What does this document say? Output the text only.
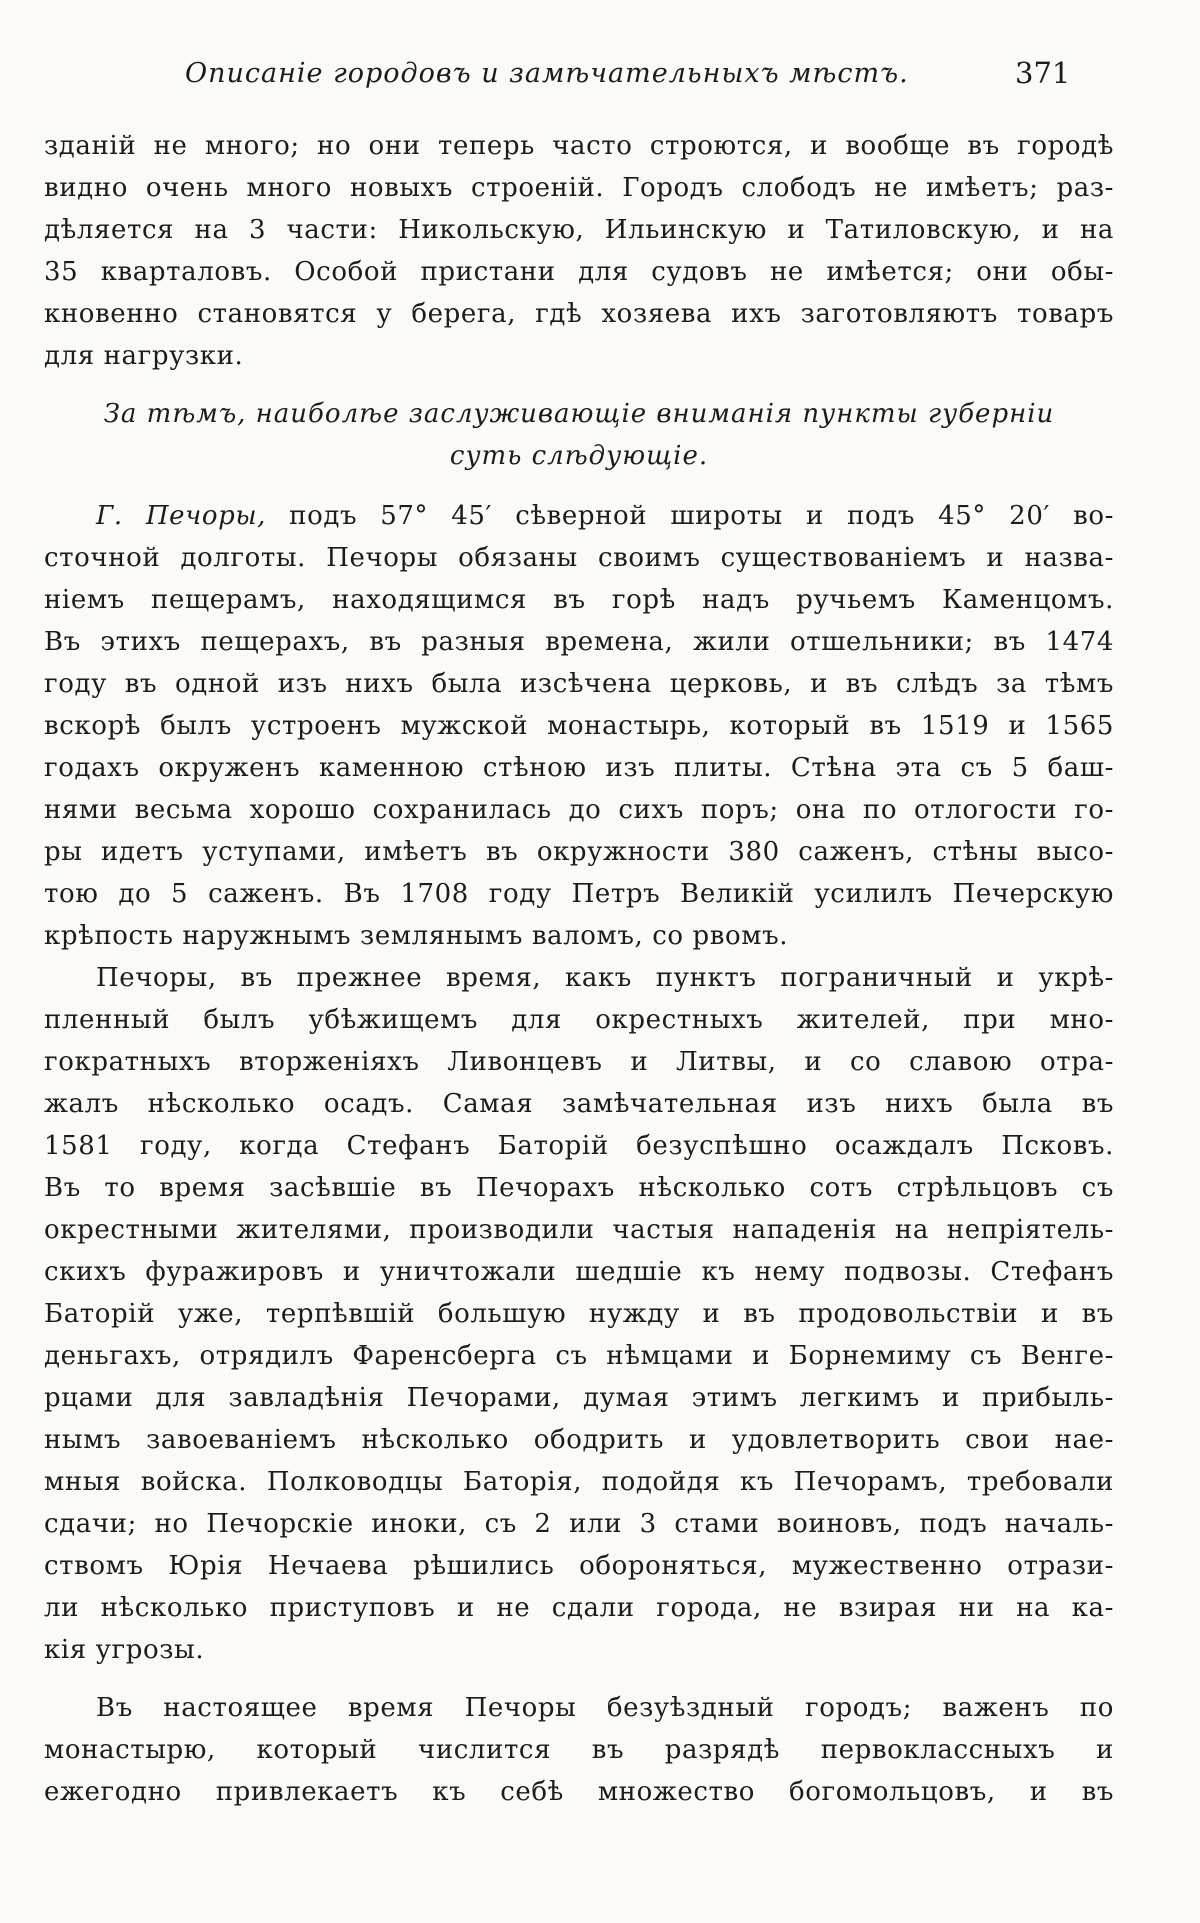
Описанiе городовъ и замѣчательныхъ мѣстъ.	371
зданiй не много; но они теперь часто строются, и вообще въ городѣ
видно очень много новыхъ строенiй. Городъ слободъ не имѣетъ; раз-
дѣляется на 3 части: Никольскую, Ильинскую и Татиловскую, и на
35 кварталовъ. Особой пристани для судовъ не имѣется; они обы-
кновенно становятся у берега, гдѣ хозяева ихъ заготовляютъ товаръ
для нагрузки.
За тѣмъ, наиболѣе заслуживающiе вниманiя пункты губернiи
суть слѣдующiе.
Г. Печоры, подъ 57° 45′ сѣверной широты и подъ 45° 20′ во-
сточной долготы. Печоры обязаны своимъ существованiемъ и назва-
нiемъ пещерамъ, находящимся въ горѣ надъ ручьемъ Каменцомъ.
Въ этихъ пещерахъ, въ разныя времена, жили отшельники; въ 1474
году въ одной изъ нихъ была изсѣчена церковь, и въ слѣдъ за тѣмъ
вскорѣ былъ устроенъ мужской монастырь, который въ 1519 и 1565
годахъ окруженъ каменною стѣною изъ плиты. Стѣна эта съ 5 баш-
нями весьма хорошо сохранилась до сихъ поръ; она по отлогости го-
ры идетъ уступами, имѣетъ въ окружности 380 саженъ, стѣны высо-
тою до 5 саженъ. Въ 1708 году Петръ Великiй усилилъ Печерскую
крѣпость наружнымъ землянымъ валомъ, со рвомъ.
Печоры, въ прежнее время, какъ пунктъ пограничный и укрѣ-
пленный былъ убѣжищемъ для окрестныхъ жителей, при мно-
гократныхъ вторженiяхъ Ливонцевъ и Литвы, и со славою отра-
жалъ нѣсколько осадъ. Самая замѣчательная изъ нихъ была въ
1581 году, когда Стефанъ Баторiй безуспѣшно осаждалъ Псковъ.
Въ то время засѣвшiе въ Печорахъ нѣсколько сотъ стрѣльцовъ съ
окрестными жителями, производили частыя нападенiя на непрiятель-
скихъ фуражировъ и уничтожали шедшiе къ нему подвозы. Стефанъ
Баторiй уже, терпѣвшiй большую нужду и въ продовольствiи и въ
деньгахъ, отрядилъ Фаренсберга съ нѣмцами и Борнемиму съ Венге-
рцами для завладѣнiя Печорами, думая этимъ легкимъ и прибыль-
нымъ завоеванiемъ нѣсколько ободрить и удовлетворить свои нае-
мныя войска. Полководцы Баторiя, подойдя къ Печорамъ, требовали
сдачи; но Печорскiе иноки, съ 2 или 3 стами воиновъ, подъ началь-
ствомъ Юрiя Нечаева рѣшились обороняться, мужественно отрази-
ли нѣсколько приступовъ и не сдали города, не взирая ни на ка-
кiя угрозы.
Въ настоящее время Печоры безуѣздный городъ; важенъ по
монастырю, который числится въ разрядѣ первоклассныхъ и
ежегодно привлекаетъ къ себѣ множество богомольцовъ, и въ
